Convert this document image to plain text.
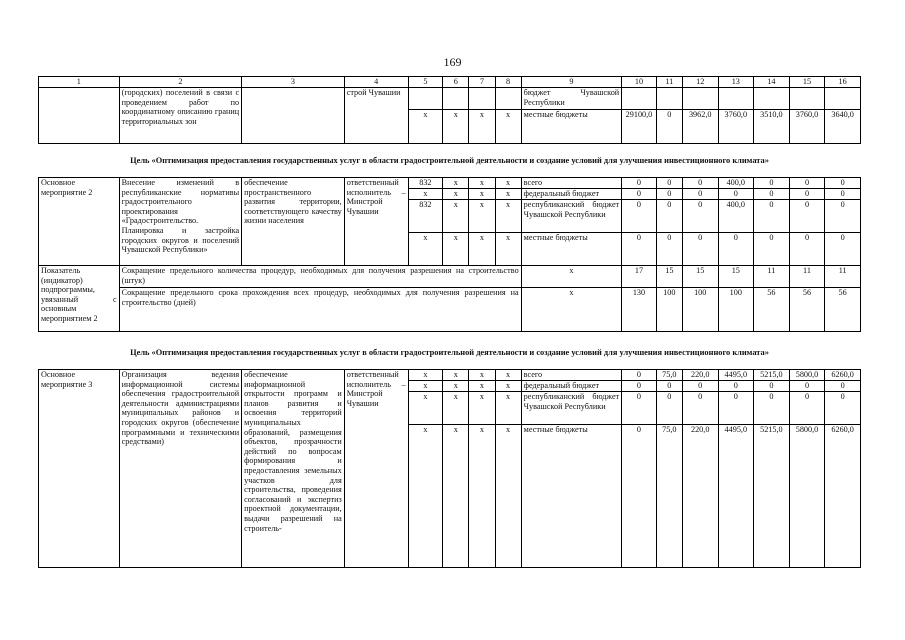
169
1	2	3	4	5	6	7	8	9	10	11	12	13	14	15	16
	(городских) поселений в связи с проведением работ по координатному описанию границ территориальных зон		строй Чувашии					бюджет Чувашской Республики							
				x	x	x	x	местные бюджеты	29100,0	0	3962,0	3760,0	3510,0	3760,0	3640,0
Цель «Оптимизация предоставления государственных услуг в области градостроительной деятельности и создание условий для улучшения инвестиционного климата»
Основное мероприятие 2	Внесение изменений в республиканские нормативы градостроительного проектирования «Градостроительство. Планировка и застройка городских округов и поселений Чувашской Республики»	обеспечение пространственного развития территории, соответствующего качеству жизни населения	ответственный исполнитель – Минстрой Чувашии	832	x	x	x	всего	0	0	0	400,0	0	0	0
				x	x	x	x	федеральный бюджет	0	0	0	0	0	0	0
				832	x	x	x	республиканский бюджет Чувашской Республики	0	0	0	400,0	0	0	0
				x	x	x	x	местные бюджеты	0	0	0	0	0	0	0
Показатель (индикатор) подпрограммы, увязанный с основным мероприятием 2	Сокращение предельного количества процедур, необходимых для получения разрешения на строительство (штук)							x	17	15	15	15	11	11	11
	Сокращение предельного срока прохождения всех процедур, необходимых для получения разрешения на строительство (дней)							x	130	100	100	100	56	56	56
Цель «Оптимизация предоставления государственных услуг в области градостроительной деятельности и создание условий для улучшения инвестиционного климата»
Основное мероприятие 3	Организация ведения информационной системы обеспечения градостроительной деятельности администрациями муниципальных районов и городских округов (обеспечение программными и техническими средствами)	обеспечение информационной открытости программ и планов развития и освоения территорий муниципальных образований, размещения объектов, прозрачности действий по вопросам формирования и предоставления земельных участков для строительства, проведения согласований и экспертиз проектной документации, выдачи разрешений на строитель-	ответственный исполнитель – Минстрой Чувашии	x	x	x	x	всего	0	75,0	220,0	4495,0	5215,0	5800,0	6260,0
				x	x	x	x	федеральный бюджет	0	0	0	0	0	0	0
				x	x	x	x	республиканский бюджет Чувашской Республики	0	0	0	0	0	0	0
				x	x	x	x	местные бюджеты	0	75,0	220,0	4495,0	5215,0	5800,0	6260,0
